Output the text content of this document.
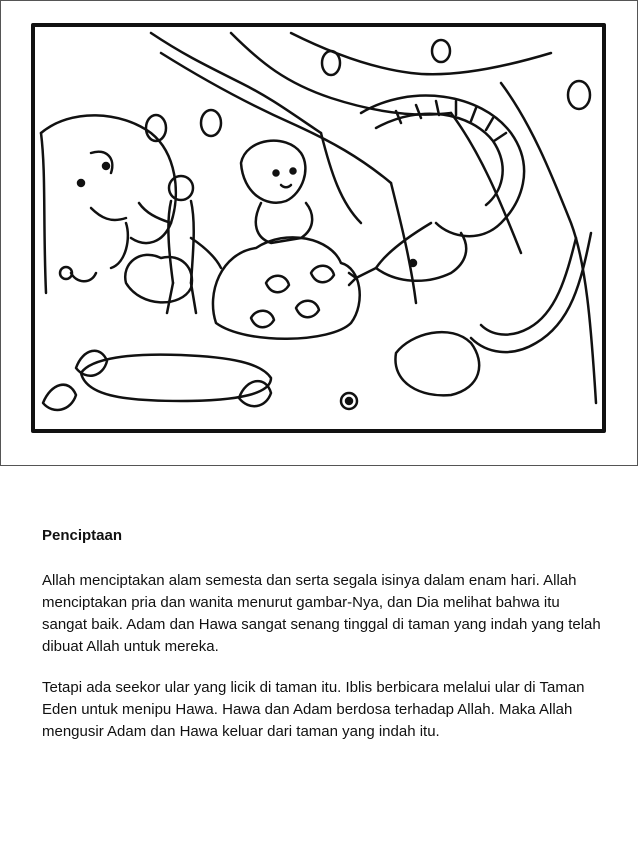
Penciptaan

Allah menciptakan alam semesta dan serta segala isinya dalam enam hari. Allah menciptakan pria dan wanita menurut gambar-Nya, dan Dia melihat bahwa itu sangat baik. Adam dan Hawa sangat senang tinggal di taman yang indah yang telah dibuat Allah untuk mereka.

Tetapi ada seekor ular yang licik di taman itu. Iblis berbicara melalui ular di Taman Eden untuk menipu Hawa. Hawa dan Adam berdosa terhadap Allah. Maka Allah mengusir Adam dan Hawa keluar dari taman yang indah itu.
